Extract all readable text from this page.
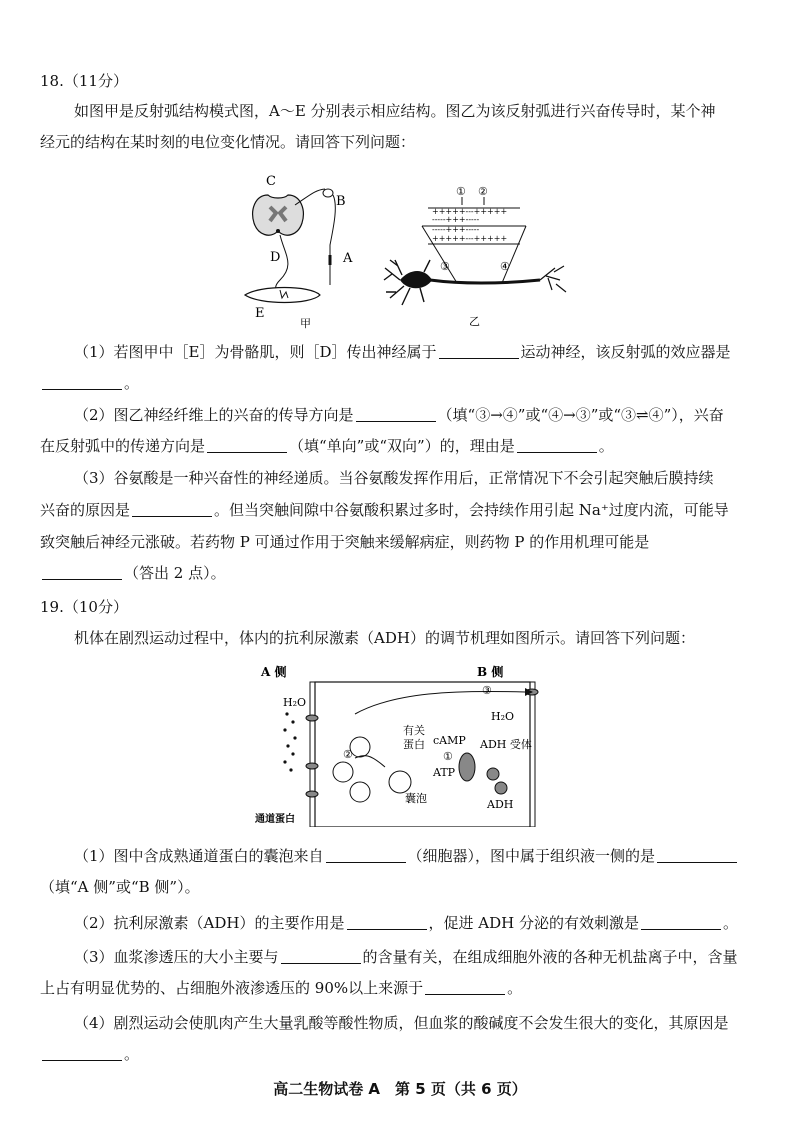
18.（11分）
如图甲是反射弧结构模式图，A～E 分别表示相应结构。图乙为该反射弧进行兴奋传导时，某个神
经元的结构在某时刻的电位变化情况。请回答下列问题：
C
B
D	A
E
甲
① ②
+++++---+++++
-----+++-----
-----+++-----
+++++---+++++
③	④
乙
（1）若图甲中［E］为骨骼肌，则［D］传出神经属于	运动神经，该反射弧的效应器是
。
（2）图乙神经纤维上的兴奋的传导方向是	（填“③→④”或“④→③”或“③⇌④”），兴奋
在反射弧中的传递方向是	（填“单向”或“双向”）的，理由是	。
（3）谷氨酸是一种兴奋性的神经递质。当谷氨酸发挥作用后，正常情况下不会引起突触后膜持续
兴奋的原因是	。但当突触间隙中谷氨酸积累过多时，会持续作用引起 Na⁺过度内流，可能导
致突触后神经元涨破。若药物 P 可通过作用于突触来缓解病症，则药物 P 的作用机理可能是
（答出 2 点）。
19.（10分）
机体在剧烈运动过程中，体内的抗利尿激素（ADH）的调节机理如图所示。请回答下列问题：
A 侧	B 侧
H₂O
H₂O
③
有关
蛋白 cAMP
①
ATP
ADH 受体
②
ADH
囊泡
通道蛋白
（1）图中含成熟通道蛋白的囊泡来自	（细胞器），图中属于组织液一侧的是
（填“A 侧”或“B 侧”）。
（2）抗利尿激素（ADH）的主要作用是	，促进 ADH 分泌的有效刺激是	。
（3）血浆渗透压的大小主要与	的含量有关，在组成细胞外液的各种无机盐离子中，含量
上占有明显优势的、占细胞外液渗透压的 90%以上来源于	。
（4）剧烈运动会使肌肉产生大量乳酸等酸性物质，但血浆的酸碱度不会发生很大的变化，其原因是
。
高二生物试卷 A　第 5 页（共 6 页）
